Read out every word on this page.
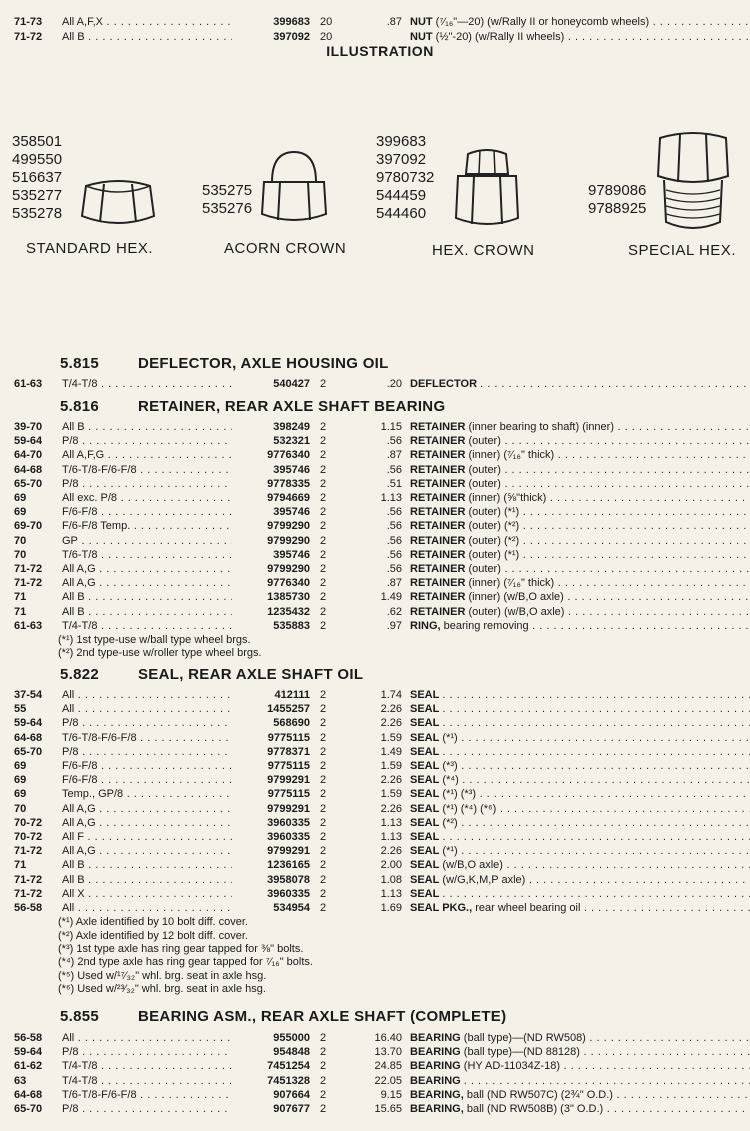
ILLUSTRATION
358501
499550
516637
535277
535278
STANDARD HEX.
535275
535276
ACORN CROWN
399683
397092
9780732
544459
544460
HEX. CROWN
9789086
9788925
SPECIAL HEX.
71-73 All A,F,X . . .	399683 20	.87 NUT (⁷⁄₁₆"—20) (w/Rally II or honeycomb wheels) . . .
71-72 All B . . .	397092 20	NUT (½"-20) (w/Rally II wheels) . . .
5.815	DEFLECTOR, AXLE HOUSING OIL
61-63 T/4-T/8 . . .	540427 2	.20 DEFLECTOR . . .
5.816	RETAINER, REAR AXLE SHAFT BEARING
39-70 All B . . .	398249 2	1.15 RETAINER (inner bearing to shaft) (inner) . . .
59-64 P/8 . . .	532321 2	.56 RETAINER (outer) . . .
64-70 All A,F,G . . .	9776340 2	.87 RETAINER (inner) (⁷⁄₁₆" thick) . . .
64-68 T/6-T/8-F/6-F/8 . . .	395746 2	.56 RETAINER (outer) . . .
65-70 P/8 . . .	9778335 2	.51 RETAINER (outer) . . .
69	All exc. P/8 . . .	9794669 2	1.13 RETAINER (inner) (⅝"thick) . . .
69	F/6-F/8 . . .	395746 2	.56 RETAINER (outer) (*¹) . . .
69-70 F/6-F/8 Temp. . . .	9799290 2	.56 RETAINER (outer) (*²) . . .
70	GP . . .	9799290 2	.56 RETAINER (outer) (*²) . . .
70	T/6-T/8 . . .	395746 2	.56 RETAINER (outer) (*¹) . . .
71-72 All A,G . . .	9799290 2	.56 RETAINER (outer) . . .
71-72 All A,G . . .	9776340 2	.87 RETAINER (inner) (⁷⁄₁₆" thick) . . .
71	All B . . .	1385730 2	1.49 RETAINER (inner) (w/B,O axle) . . .
71	All B . . .	1235432 2	.62 RETAINER (outer) (w/B,O axle) . . .
61-63 T/4-T/8 . . .	535883 2	.97 RING, bearing removing . . .
(*¹) 1st type-use w/ball type wheel brgs.
(*²) 2nd type-use w/roller type wheel brgs.
5.822	SEAL, REAR AXLE SHAFT OIL
37-54 All . . .	412111 2	1.74 SEAL . . .
55	All . . .	1455257 2	2.26 SEAL . . .
59-64 P/8 . . .	568690 2	2.26 SEAL . . .
64-68 T/6-T/8-F/6-F/8 . . .	9775115 2	1.59 SEAL (*¹) . . .
65-70 P/8 . . .	9778371 2	1.49 SEAL . . .
69	F/6-F/8 . . .	9775115 2	1.59 SEAL (*³) . . .
69	F/6-F/8 . . .	9799291 2	2.26 SEAL (*⁴) . . .
69	Temp., GP/8 . . .	9775115 2	1.59 SEAL (*¹) (*³) . . .
70	All A,G . . .	9799291 2	2.26 SEAL (*¹) (*⁴) (*⁶) . . .
70-72 All A,G . . .	3960335 2	1.13 SEAL (*²) . . .
70-72 All F . . .	3960335 2	1.13 SEAL . . .
71-72 All A,G . . .	9799291 2	2.26 SEAL (*¹) . . .
71	All B . . .	1236165 2	2.00 SEAL (w/B,O axle) . . .
71-72 All B . . .	3958078 2	1.08 SEAL (w/G,K,M,P axle) . . .
71-72 All X . . .	3960335 2	1.13 SEAL . . .
56-58 All . . .	534954 2	1.69 SEAL PKG., rear wheel bearing oil . . .
(*¹) Axle identified by 10 bolt diff. cover.
(*²) Axle identified by 12 bolt diff. cover.
(*³) 1st type axle has ring gear tapped for ⅜" bolts.
(*⁴) 2nd type axle has ring gear tapped for ⁷⁄₁₆" bolts.
(*⁵) Used w/¹⁷⁄₃₂" whl. brg. seat in axle hsg.
(*⁶) Used w/²³⁄₃₂" whl. brg. seat in axle hsg.
5.855	BEARING ASM., REAR AXLE SHAFT (COMPLETE)
56-58 All . . .	955000 2	16.40 BEARING (ball type)—(ND RW508) . . .
59-64 P/8 . . .	954848 2	13.70 BEARING (ball type)—(ND 88128) . . .
61-62 T/4-T/8 . . .	7451254 2	24.85 BEARING (HY AD-11034Z-18) . . .
63	T/4-T/8 . . .	7451328 2	22.05 BEARING . . .
64-68 T/6-T/8-F/6-F/8 . . .	907664 2	9.15 BEARING, ball (ND RW507C) (2¾" O.D.) . . .
65-70 P/8 . . .	907677 2	15.65 BEARING, ball (ND RW508B) (3" O.D.) . . .
